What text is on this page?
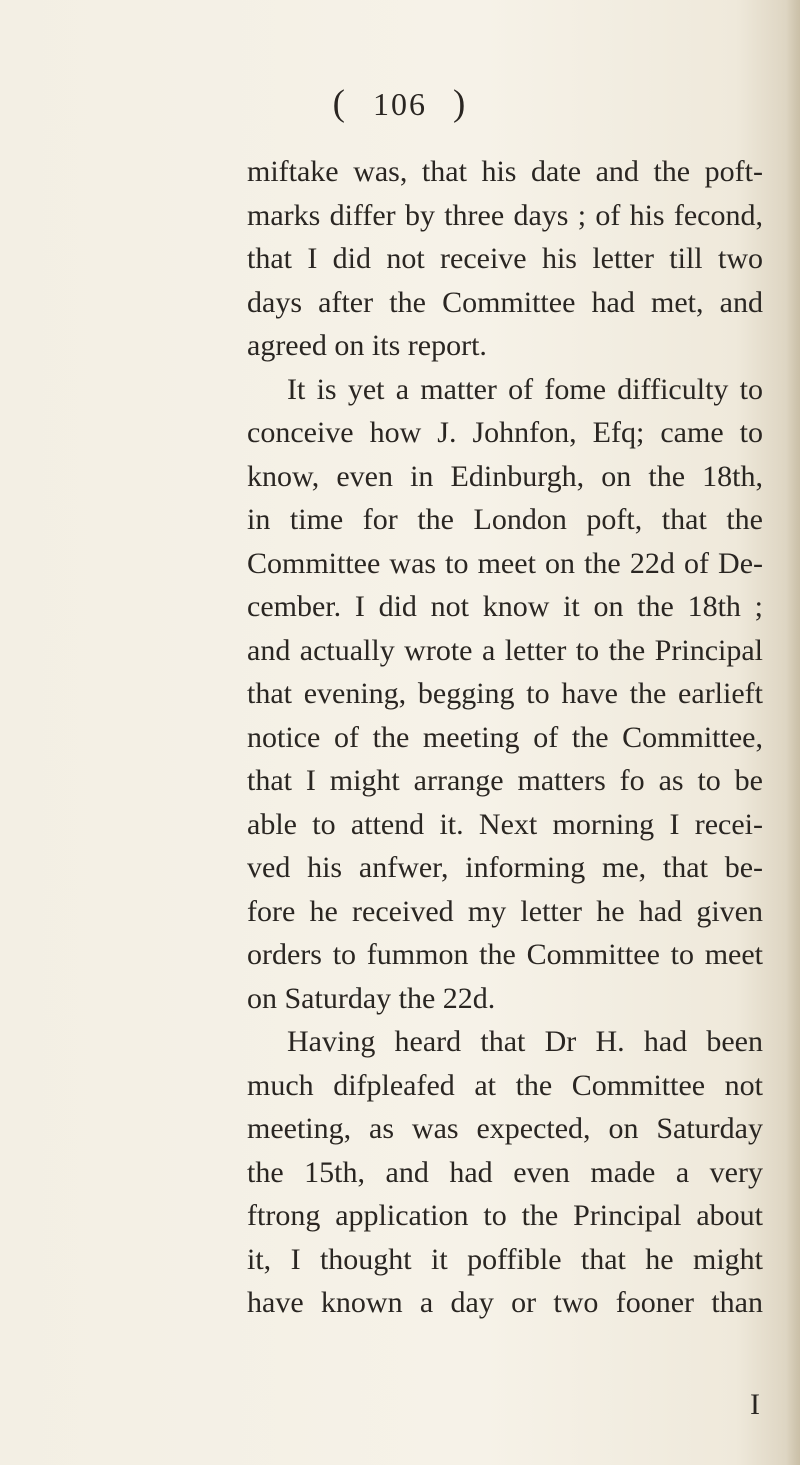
( 106 )
miftake was, that his date and the poft-
marks differ by three days ; of his fecond,
that I did not receive his letter till two
days after the Committee had met, and
agreed on its report.
It is yet a matter of fome difficulty to
conceive how J. Johnfon, Efq; came to
know, even in Edinburgh, on the 18th,
in time for the London poft, that the
Committee was to meet on the 22d of De-
cember. I did not know it on the 18th ;
and actually wrote a letter to the Principal
that evening, begging to have the earlieft
notice of the meeting of the Committee,
that I might arrange matters fo as to be
able to attend it. Next morning I recei-
ved his anfwer, informing me, that be-
fore he received my letter he had given
orders to fummon the Committee to meet
on Saturday the 22d.
Having heard that Dr H. had been
much difpleafed at the Committee not
meeting, as was expected, on Saturday
the 15th, and had even made a very
ftrong application to the Principal about
it, I thought it poffible that he might
have known a day or two fooner than
I
